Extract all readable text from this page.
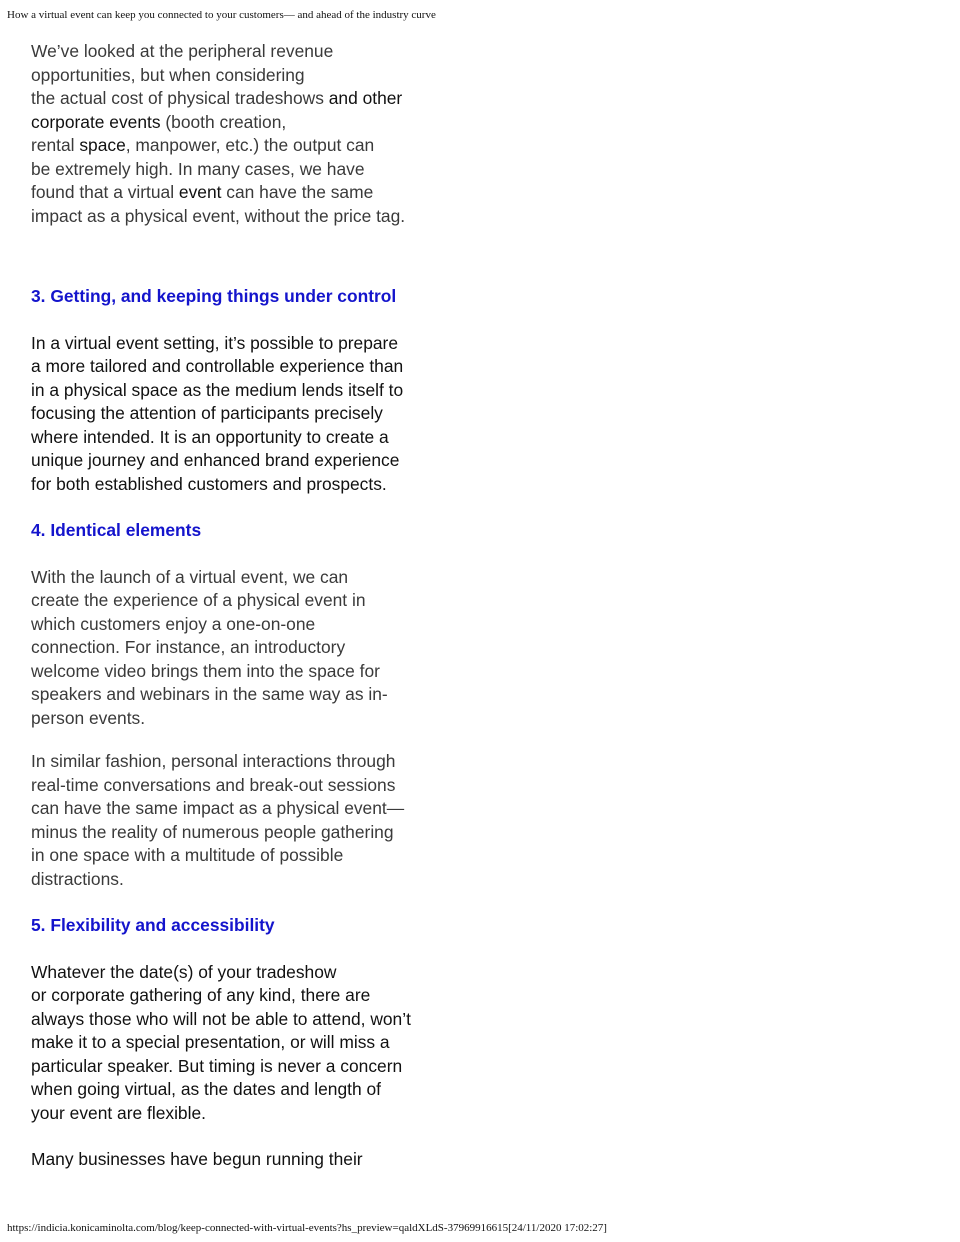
How a virtual event can keep you connected to your customers— and ahead of the industry curve
We’ve looked at the peripheral revenue
opportunities, but when considering
the actual cost of physical tradeshows and other
corporate events (booth creation,
rental space, manpower, etc.) the output can
be extremely high. In many cases, we have
found that a virtual event can have the same
impact as a physical event, without the price tag.
3. Getting, and keeping things under control
In a virtual event setting, it’s possible to prepare
a more tailored and controllable experience than
in a physical space as the medium lends itself to
focusing the attention of participants precisely
where intended. It is an opportunity to create a
unique journey and enhanced brand experience
for both established customers and prospects.
4. Identical elements
With the launch of a virtual event, we can
create the experience of a physical event in
which customers enjoy a one-on-one
connection. For instance, an introductory
welcome video brings them into the space for
speakers and webinars in the same way as in-
person events.
In similar fashion, personal interactions through
real-time conversations and break-out sessions
can have the same impact as a physical event—
minus the reality of numerous people gathering
in one space with a multitude of possible
distractions.
5. Flexibility and accessibility
Whatever the date(s) of your tradeshow
or corporate gathering of any kind, there are
always those who will not be able to attend, won’t
make it to a special presentation, or will miss a
particular speaker. But timing is never a concern
when going virtual, as the dates and length of
your event are flexible.
Many businesses have begun running their
https://indicia.konicaminolta.com/blog/keep-connected-with-virtual-events?hs_preview=qaldXLdS-37969916615[24/11/2020 17:02:27]
